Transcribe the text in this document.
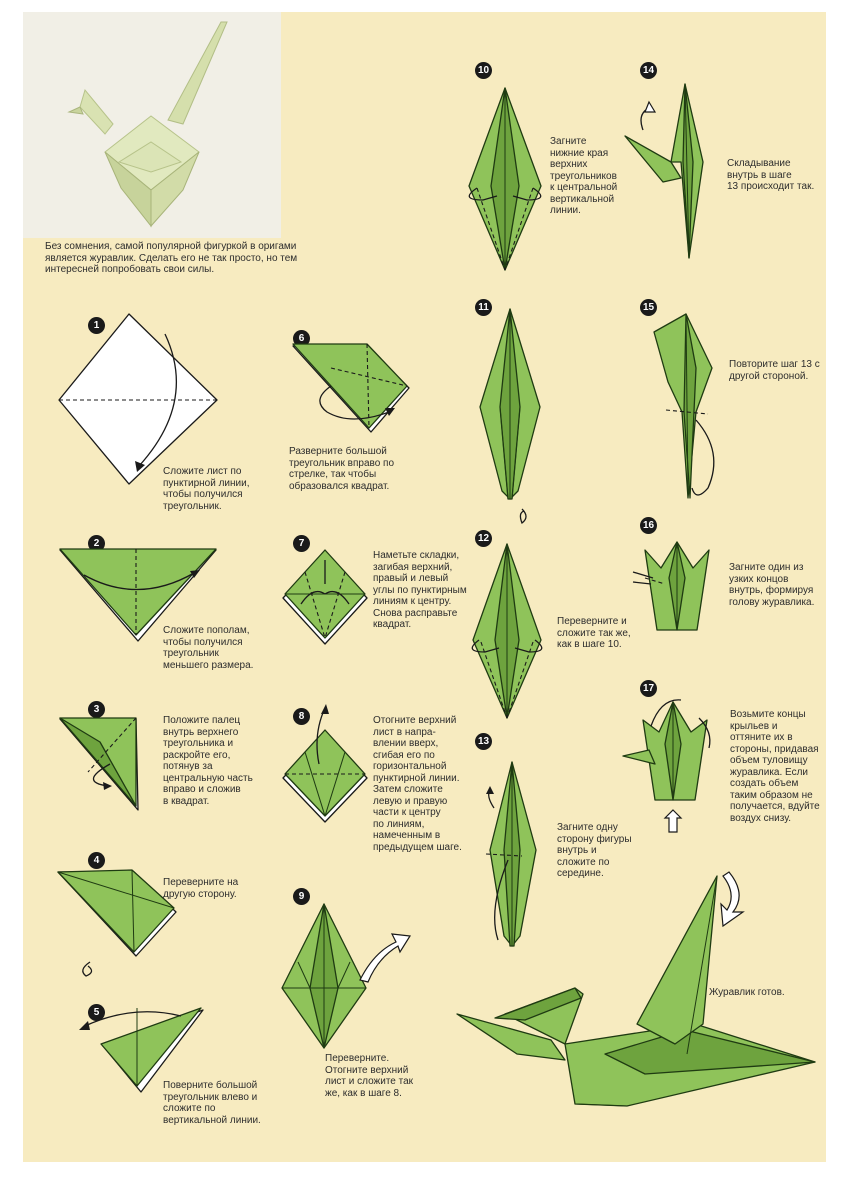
Без сомнения, самой популярной фигуркой в оригами
является журавлик. Сделать его не так просто, но тем
интересней попробовать свои силы.
1
Сложите лист по
пунктирной линии,
чтобы получился
треугольник.
2
Сложите пополам,
чтобы получился
треугольник
меньшего размера.
3
Положите палец
внутрь верхнего
треугольника и
раскройте его,
потянув за
центральную часть
вправо и сложив
в квадрат.
4
Переверните на
другую сторону.
5
Поверните большой
треугольник влево и
сложите по
вертикальной линии.
6
Разверните большой
треугольник вправо по
стрелке, так чтобы
образовался квадрат.
7
Наметьте складки,
загибая верхний,
правый и левый
углы по пунктирным
линиям к центру.
Снова расправьте
квадрат.
8	Отогните верхний
лист в напра-
влении вверх,
сгибая его по
горизонтальной
пунктирной линии.
Затем сложите
левую и правую
части к центру
по линиям,
намеченным в
предыдущем шаге.
9
Переверните.
Отогните верхний
лист и сложите так
же, как в шаге 8.
10
Загните
нижние края
верхних
треугольников
к центральной
вертикальной
линии.
11
12
Переверните и
сложите так же,
как в шаге 10.
13
Загните одну
сторону фигуры
внутрь и
сложите по
середине.
14
Складывание
внутрь в шаге
13 происходит так.
15
Повторите шаг 13 с
другой стороной.
16
Загните один из
узких концов
внутрь, формируя
голову журавлика.
17
Возьмите концы
крыльев и
оттяните их в
стороны, придавая
объем туловищу
журавлика. Если
создать объем
таким образом не
получается, вдуйте
воздух снизу.
Журавлик готов.
